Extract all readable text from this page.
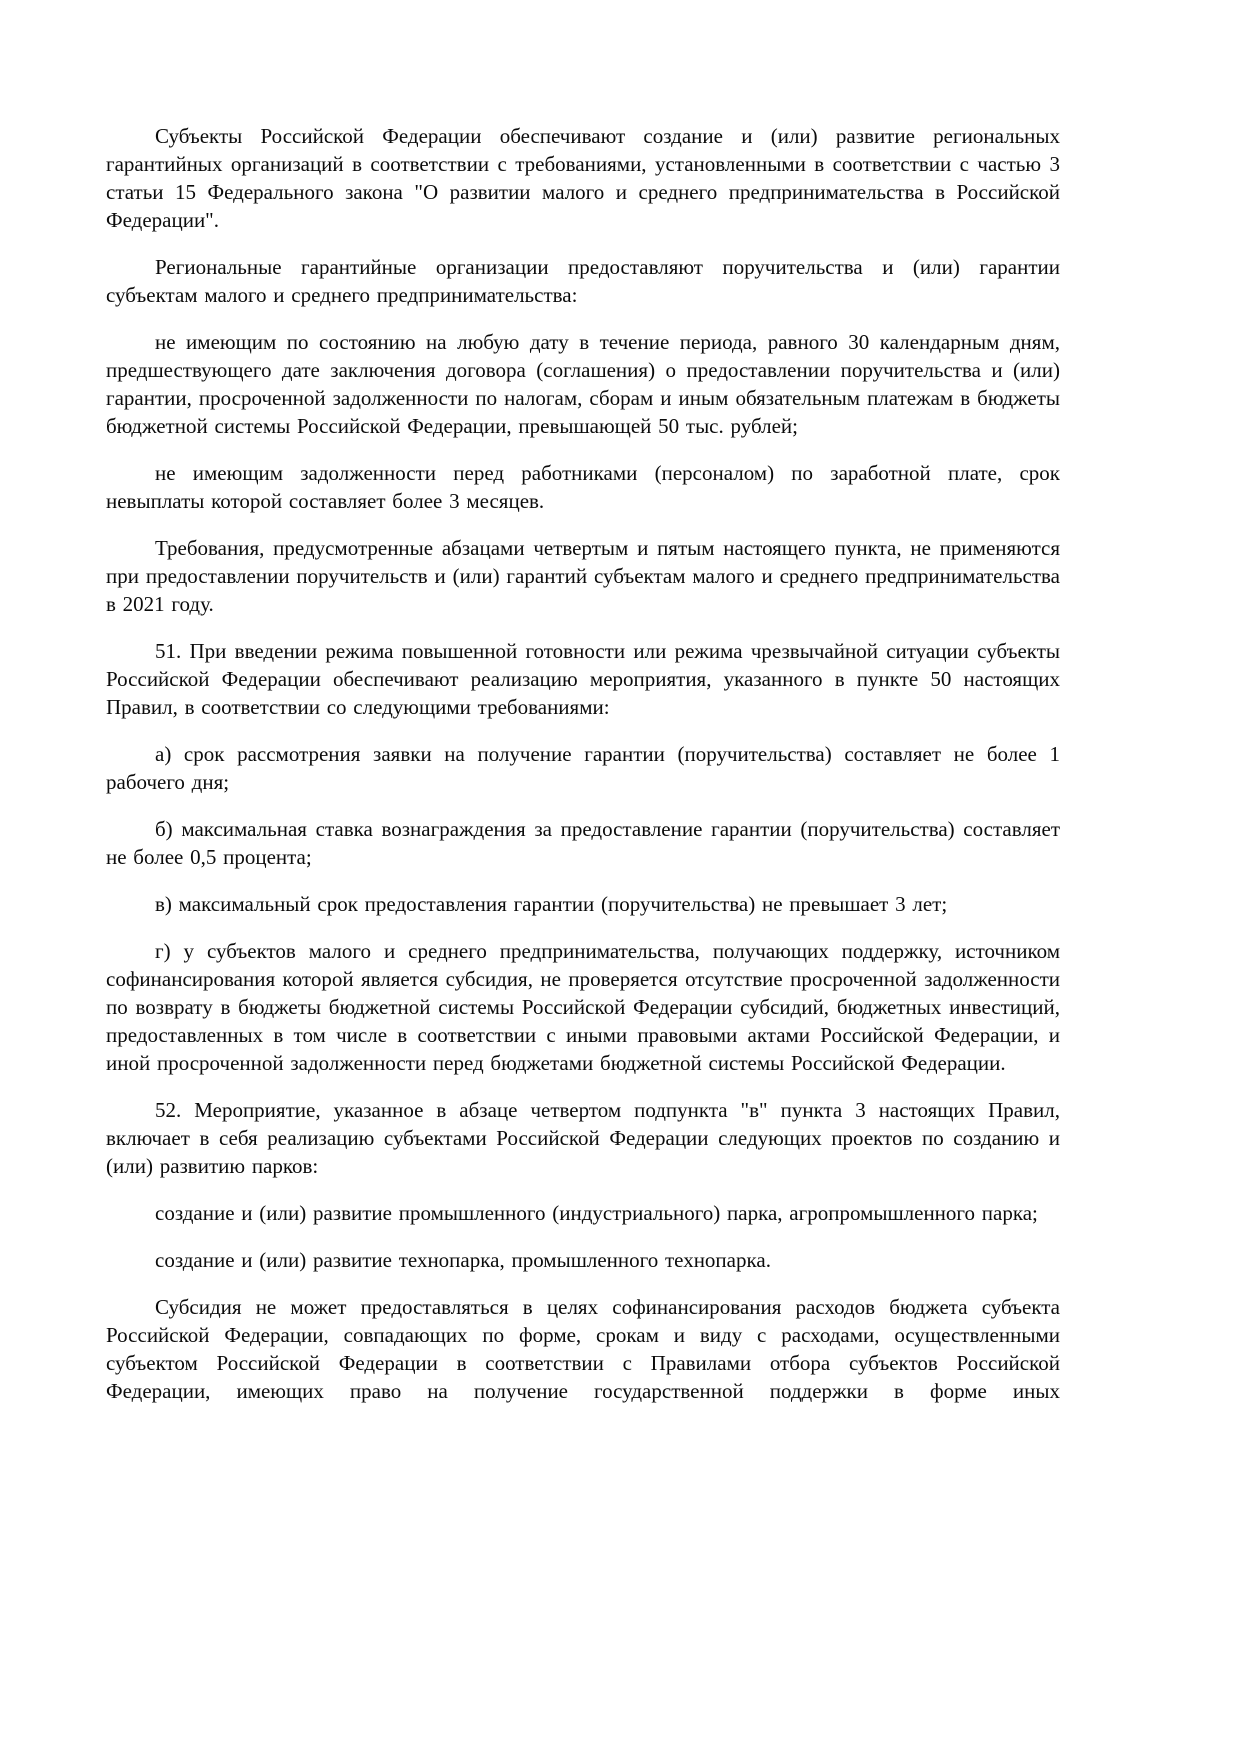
Субъекты Российской Федерации обеспечивают создание и (или) развитие региональных гарантийных организаций в соответствии с требованиями, установленными в соответствии с частью 3 статьи 15 Федерального закона "О развитии малого и среднего предпринимательства в Российской Федерации".

Региональные гарантийные организации предоставляют поручительства и (или) гарантии субъектам малого и среднего предпринимательства:

не имеющим по состоянию на любую дату в течение периода, равного 30 календарным дням, предшествующего дате заключения договора (соглашения) о предоставлении поручительства и (или) гарантии, просроченной задолженности по налогам, сборам и иным обязательным платежам в бюджеты бюджетной системы Российской Федерации, превышающей 50 тыс. рублей;

не имеющим задолженности перед работниками (персоналом) по заработной плате, срок невыплаты которой составляет более 3 месяцев.

Требования, предусмотренные абзацами четвертым и пятым настоящего пункта, не применяются при предоставлении поручительств и (или) гарантий субъектам малого и среднего предпринимательства в 2021 году.

51. При введении режима повышенной готовности или режима чрезвычайной ситуации субъекты Российской Федерации обеспечивают реализацию мероприятия, указанного в пункте 50 настоящих Правил, в соответствии со следующими требованиями:

а) срок рассмотрения заявки на получение гарантии (поручительства) составляет не более 1 рабочего дня;

б) максимальная ставка вознаграждения за предоставление гарантии (поручительства) составляет не более 0,5 процента;

в) максимальный срок предоставления гарантии (поручительства) не превышает 3 лет;

г) у субъектов малого и среднего предпринимательства, получающих поддержку, источником софинансирования которой является субсидия, не проверяется отсутствие просроченной задолженности по возврату в бюджеты бюджетной системы Российской Федерации субсидий, бюджетных инвестиций, предоставленных в том числе в соответствии с иными правовыми актами Российской Федерации, и иной просроченной задолженности перед бюджетами бюджетной системы Российской Федерации.

52. Мероприятие, указанное в абзаце четвертом подпункта "в" пункта 3 настоящих Правил, включает в себя реализацию субъектами Российской Федерации следующих проектов по созданию и (или) развитию парков:

создание и (или) развитие промышленного (индустриального) парка, агропромышленного парка;

создание и (или) развитие технопарка, промышленного технопарка.

Субсидия не может предоставляться в целях софинансирования расходов бюджета субъекта Российской Федерации, совпадающих по форме, срокам и виду с расходами, осуществленными субъектом Российской Федерации в соответствии с Правилами отбора субъектов Российской Федерации, имеющих право на получение государственной поддержки в форме иных
